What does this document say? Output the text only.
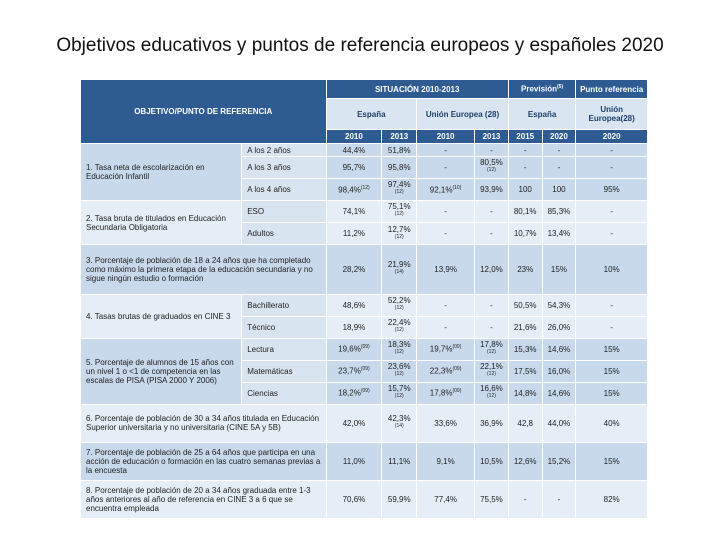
Objetivos educativos y puntos de referencia europeos y españoles 2020
OBJETIVO/PUNTO DE REFERENCIA		SITUACIÓN 2010-2013				Previsión$^{(5)}$		Punto referencia
		España		Unión Europea (28)		España		Unión Europea(28)
		2010	2013	2010	2013	2015	2020	2020
1. Tasa neta de escolarización en Educación Infantil	A los 2 años	44,4%	51,8%	-	-	-	-	-
	A los 3 años	95,7%	95,8%	-	80,5%$^{(12)}$	-	-	-
	A los 4 años	98,4%$^{(12)}$	97,4%$^{(12)}$	92,1%$^{(10)}$	93,9%	100	100	95%
2. Tasa bruta de titulados en Educación Secundaria Obligatoria	ESO	74,1%	75,1%$^{(12)}$	-	-	80,1%	85,3%	-
	Adultos	11,2%	12,7%$^{(12)}$	-	-	10,7%	13,4%	-
3. Porcentaje de población de 18 a 24 años que ha completado como máximo la primera etapa de la educación secundaria y no sigue ningún estudio o formación		28,2%	21,9%$^{(14)}$	13,9%	12,0%	23%	15%	10%
4. Tasas brutas de graduados en CINE 3	Bachillerato	48,6%	52,2%$^{(12)}$	-	-	50,5%	54,3%	-
	Técnico	18,9%	22,4%$^{(12)}$	-	-	21,6%	26,0%	-
5. Porcentaje de alumnos de 15 años con un nivel 1 o <1 de competencia en las escalas de PISA (PISA 2000 Y 2006)	Lectura	19,6%$^{(09)}$	18,3%$^{(12)}$	19,7%$^{(09)}$	17,8%$^{(12)}$	15,3%	14,6%	15%
	Matemáticas	23,7%$^{(09)}$	23,6%$^{(12)}$	22,3%$^{(09)}$	22,1%$^{(12)}$	17,5%	16,0%	15%
	Ciencias	18,2%$^{(09)}$	15,7%$^{(12)}$	17,8%$^{(09)}$	16,6%$^{(12)}$	14,8%	14,6%	15%
6. Porcentaje de población de 30 a 34 años titulada en Educación Superior universitaria y no universitaria (CINE 5A y 5B)		42,0%	42,3%$^{(14)}$	33,6%	36,9%	42,8	44,0%	40%
7. Porcentaje de población de 25 a 64 años que participa en una acción de educación o formación en las cuatro semanas previas a la encuesta		11,0%	11,1%	9,1%	10,5%	12,6%	15,2%	15%
8. Porcentaje de población de 20 a 34 años graduada entre 1-3 años anteriores al año de referencia en CINE 3 a 6 que se encuentra empleada		70,6%	59,9%	77,4%	75,5%	-	-	82%
